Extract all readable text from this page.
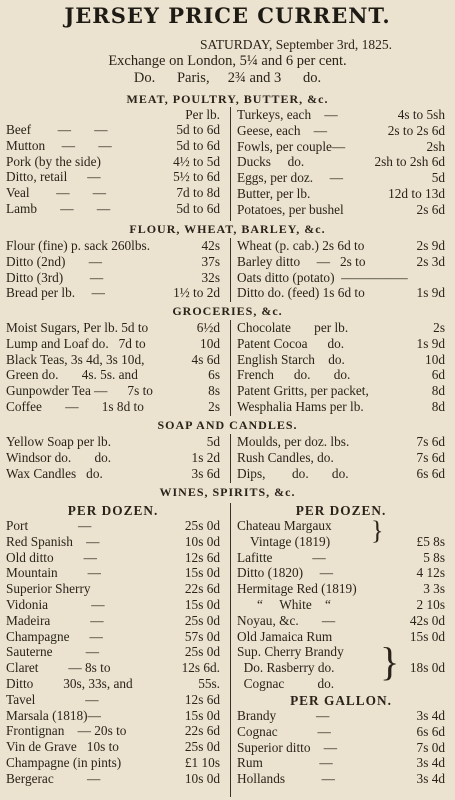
JERSEY PRICE CURRENT.
SATURDAY, September 3rd, 1825.
Exchange on London, 5¼ and 6 per cent.
Do.      Paris,     2¾ and 3      do.
MEAT, POULTRY, BUTTER, &c.
Per lb.
Beef        —       —	5d to 6d
Mutton     —       —	5d to 6d
Pork (by the side)	4½ to 5d
Ditto, retail      —	5½ to 6d
Veal        —       —	7d to 8d
Lamb       —       —	5d to 6d
Turkeys, each    —	4s to 5sh
Geese, each    —	2s to 2s 6d
Fowls, per couple—	2sh
Ducks     do.	2sh to 2sh 6d
Eggs, per doz.     —	5d
Butter, per lb.	12d to 13d
Potatoes, per bushel	2s 6d
FLOUR, WHEAT, BARLEY, &c.
Flour (fine) p. sack 260lbs.	42s
Ditto (2nd)       —	37s
Ditto (3rd)        —	32s
Bread per lb.     —	1½ to 2d
Wheat (p. cab.) 2s 6d to	2s 9d
Barley ditto     —   2s to	2s 3d
Oats ditto (potato)  —————
Ditto do. (feed) 1s 6d to	1s 9d
GROCERIES, &c.
Moist Sugars, Per lb. 5d to	6½d
Lump and Loaf do.   7d to	10d
Black Teas, 3s 4d, 3s 10d,	4s 6d
Green do.       4s. 5s. and	6s
Gunpowder Tea —      7s to	8s
Coffee       —       1s 8d to	2s
Chocolate       per lb.	2s
Patent Cocoa      do.	1s 9d
English Starch    do.	10d
French      do.       do.	6d
Patent Gritts, per packet,	8d
Wesphalia Hams per lb.	8d
SOAP AND CANDLES.
Yellow Soap per lb.	5d
Windsor do.       do.	1s 2d
Wax Candles   do.	3s 6d
Moulds, per doz. lbs.	7s 6d
Rush Candles, do.	7s 6d
Dips,        do.       do.	6s 6d
WINES, SPIRITS, &c.
PER DOZEN.	PER DOZEN.
Port               —	25s 0d
Red Spanish    —	10s 0d
Old ditto         —	12s 6d
Mountain         —	15s 0d
Superior Sherry	22s 6d
Vidonia             —	15s 0d
Madeira            —	25s 0d
Champagne      —	57s 0d
Sauterne          —	25s 0d
Claret         — 8s to	12s 6d.
Ditto         30s, 33s, and	55s.
Tavel               —	12s 6d
Marsala (1818)—	15s 0d
Frontignan    — 20s to	22s 6d
Vin de Grave   10s to	25s 0d
Champagne (in pints)	£1 10s
Bergerac          —	10s 0d
Chateau Margaux
Vintage (1819)	£5 8s
Lafitte            —	5 8s
Ditto (1820)     —	4 12s
Hermitage Red (1819)	3 3s
“     White    “	2 10s
Noyau, &c.       —	42s 0d
Old Jamaica Rum	15s 0d
Sup. Cherry Brandy
Do. Rasberry do.	18s 0d
Cognac          do.
}
}
PER GALLON.
Brandy            —	3s 4d
Cognac            —	6s 6d
Superior ditto    —	7s 0d
Rum                 —	3s 4d
Hollands           —	3s 4d
